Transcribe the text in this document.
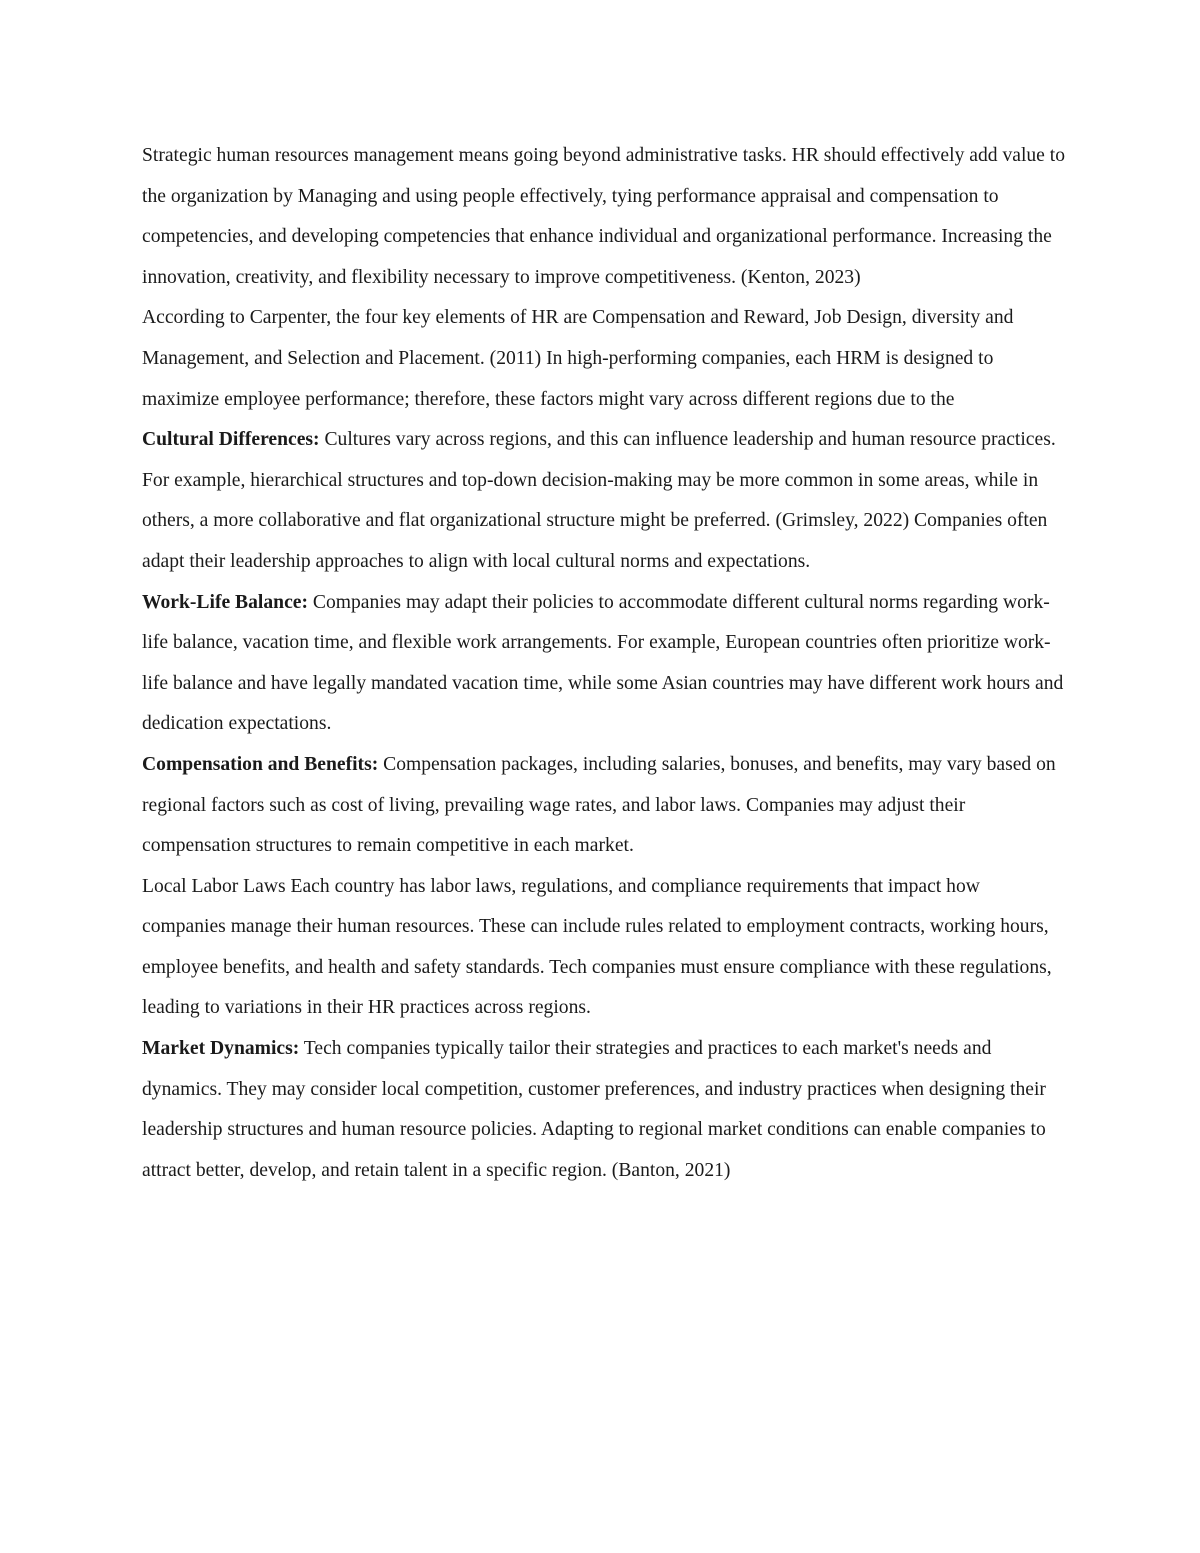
Strategic human resources management means going beyond administrative tasks. HR should effectively add value to the organization by Managing and using people effectively, tying performance appraisal and compensation to competencies, and developing competencies that enhance individual and organizational performance. Increasing the innovation, creativity, and flexibility necessary to improve competitiveness. (Kenton, 2023)

According to Carpenter, the four key elements of HR are Compensation and Reward, Job Design, diversity and Management, and Selection and Placement. (2011) In high-performing companies, each HRM is designed to maximize employee performance; therefore, these factors might vary across different regions due to the

Cultural Differences: Cultures vary across regions, and this can influence leadership and human resource practices. For example, hierarchical structures and top-down decision-making may be more common in some areas, while in others, a more collaborative and flat organizational structure might be preferred. (Grimsley, 2022) Companies often adapt their leadership approaches to align with local cultural norms and expectations.

Work-Life Balance: Companies may adapt their policies to accommodate different cultural norms regarding work-life balance, vacation time, and flexible work arrangements. For example, European countries often prioritize work-life balance and have legally mandated vacation time, while some Asian countries may have different work hours and dedication expectations.

Compensation and Benefits: Compensation packages, including salaries, bonuses, and benefits, may vary based on regional factors such as cost of living, prevailing wage rates, and labor laws. Companies may adjust their compensation structures to remain competitive in each market.

Local Labor Laws Each country has labor laws, regulations, and compliance requirements that impact how companies manage their human resources. These can include rules related to employment contracts, working hours, employee benefits, and health and safety standards. Tech companies must ensure compliance with these regulations, leading to variations in their HR practices across regions.

Market Dynamics: Tech companies typically tailor their strategies and practices to each market's needs and dynamics. They may consider local competition, customer preferences, and industry practices when designing their leadership structures and human resource policies. Adapting to regional market conditions can enable companies to attract better, develop, and retain talent in a specific region. (Banton, 2021)
